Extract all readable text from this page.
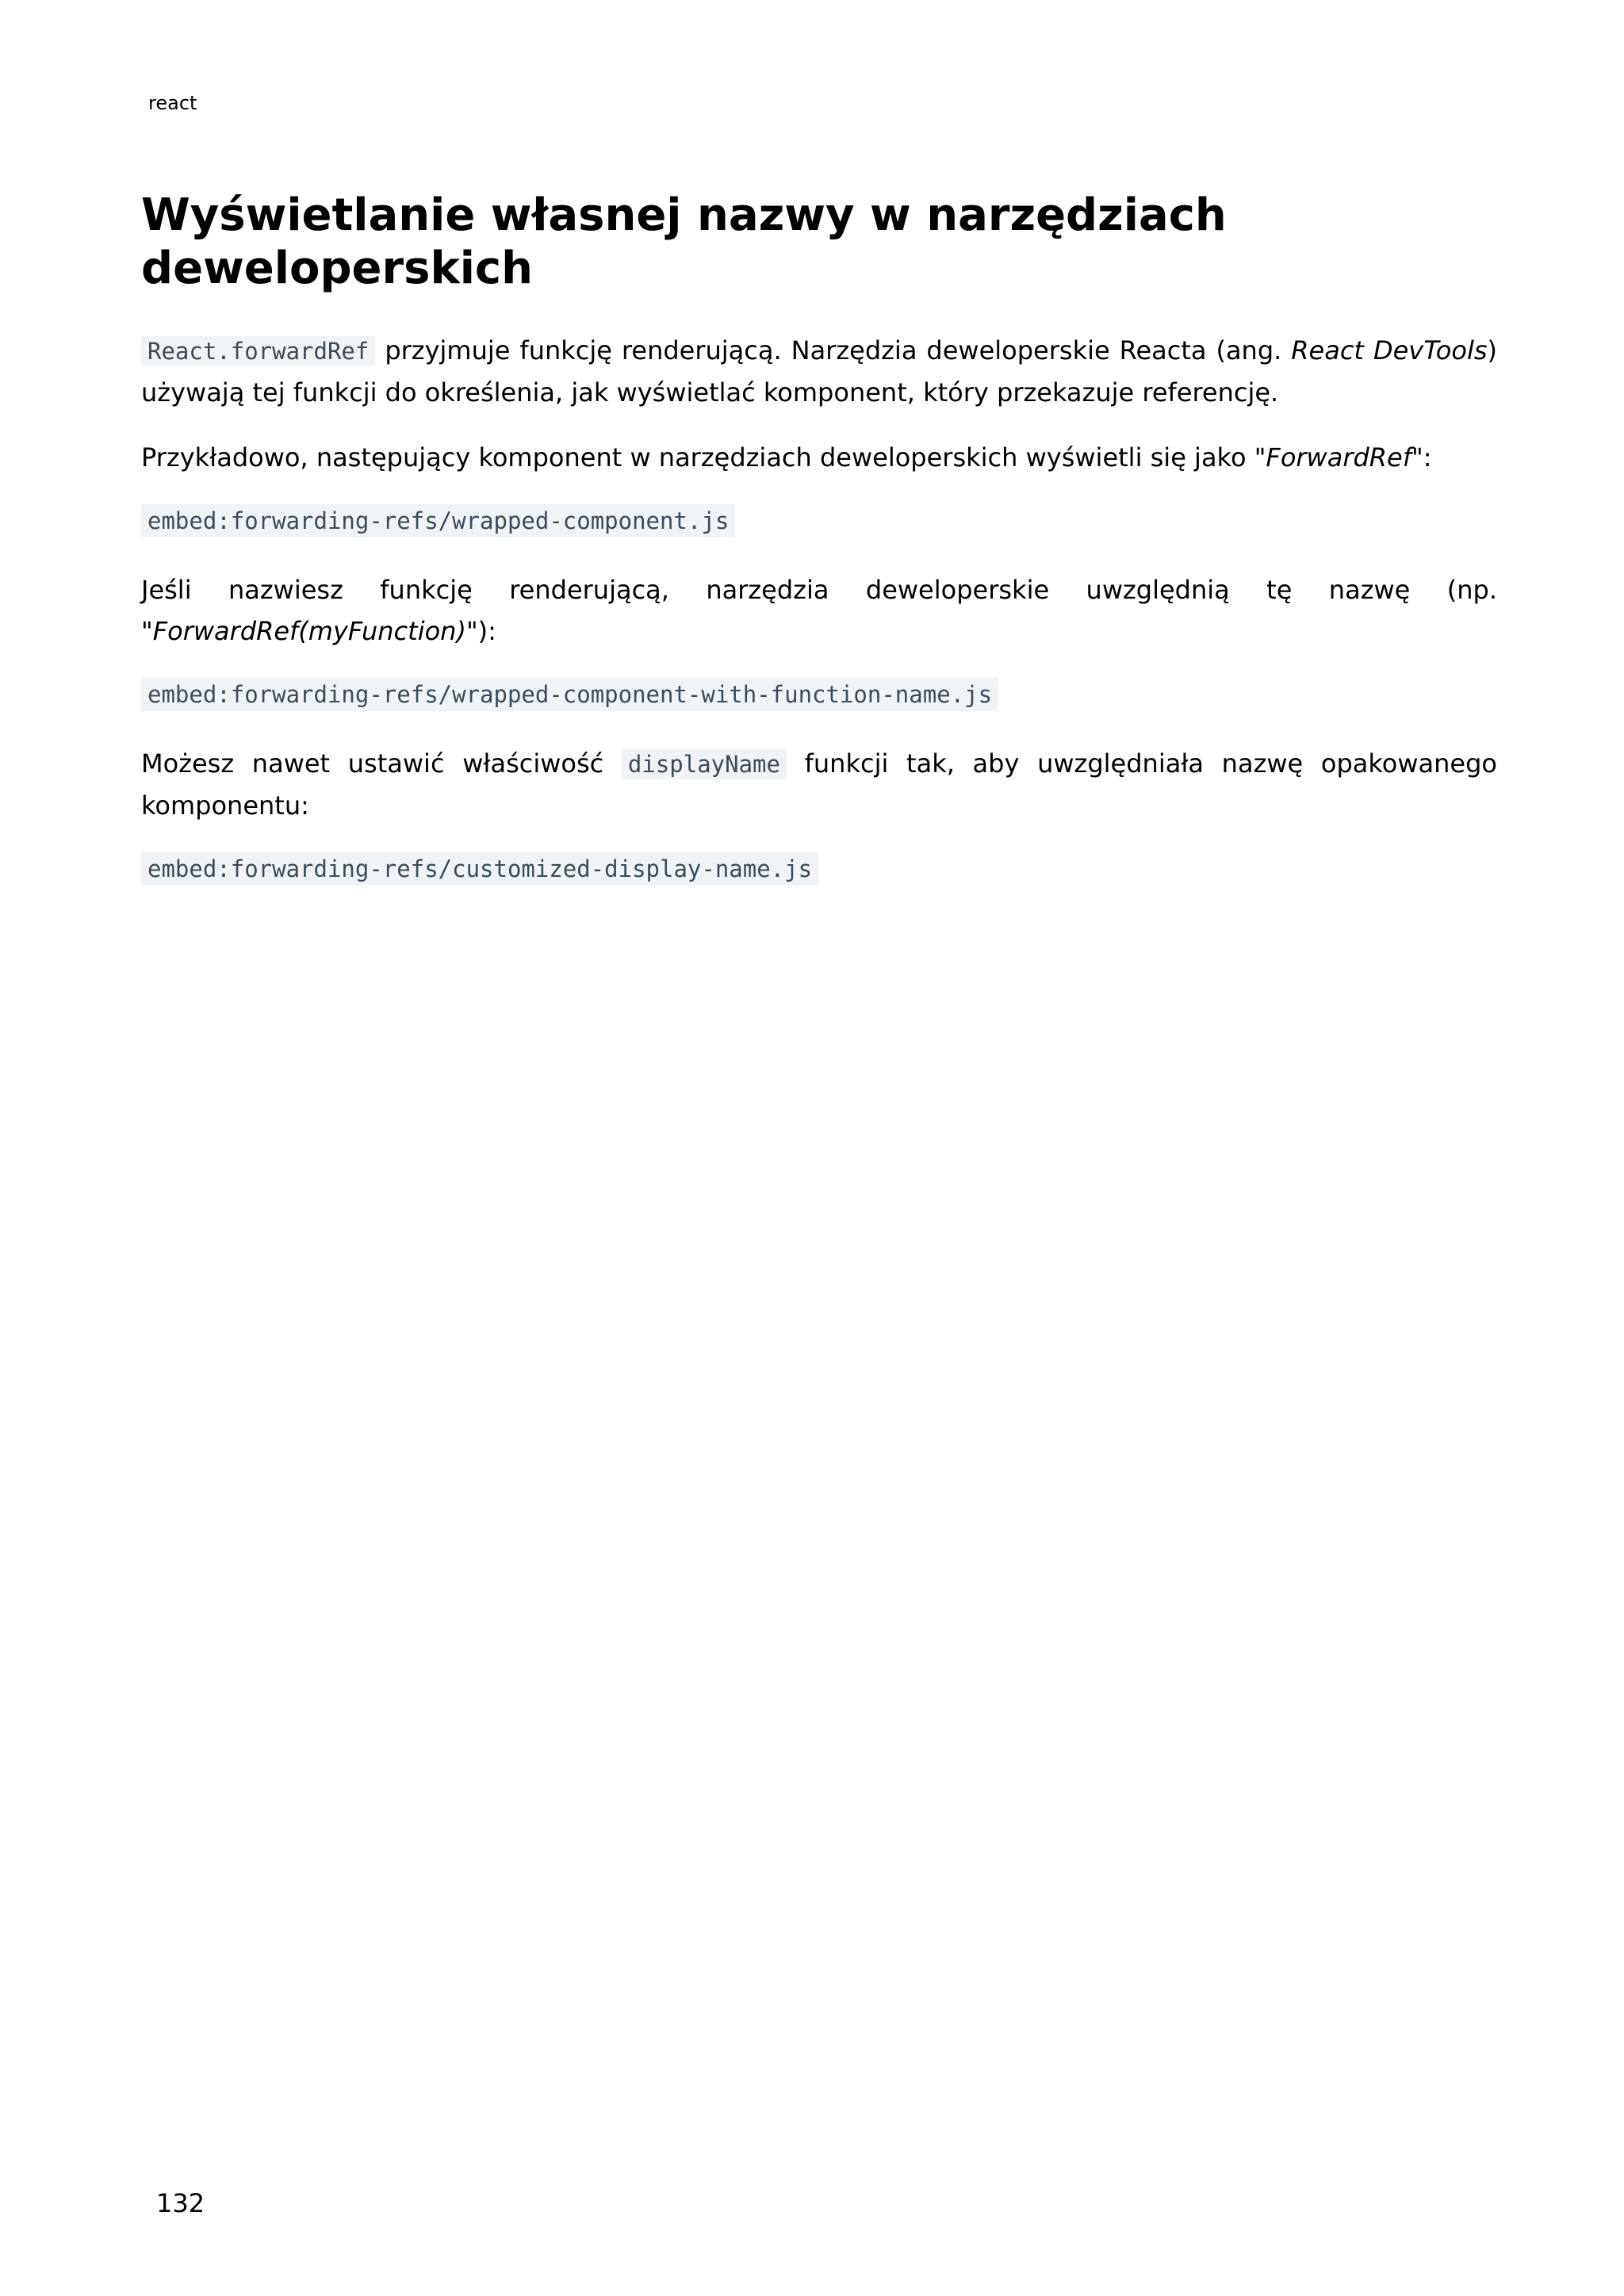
react
Wyświetlanie własnej nazwy w narzędziach deweloperskich

React.forwardRef przyjmuje funkcję renderującą. Narzędzia deweloperskie Reacta (ang. React DevTools) używają tej funkcji do określenia, jak wyświetlać komponent, który przekazuje referencję.

Przykładowo, następujący komponent w narzędziach deweloperskich wyświetli się jako "ForwardRef":

embed:forwarding-refs/wrapped-component.js

Jeśli nazwiesz funkcję renderującą, narzędzia deweloperskie uwzględnią tę nazwę (np. "ForwardRef(myFunction)"):

embed:forwarding-refs/wrapped-component-with-function-name.js

Możesz nawet ustawić właściwość displayName funkcji tak, aby uwzględniała nazwę opakowanego komponentu:

embed:forwarding-refs/customized-display-name.js
132
